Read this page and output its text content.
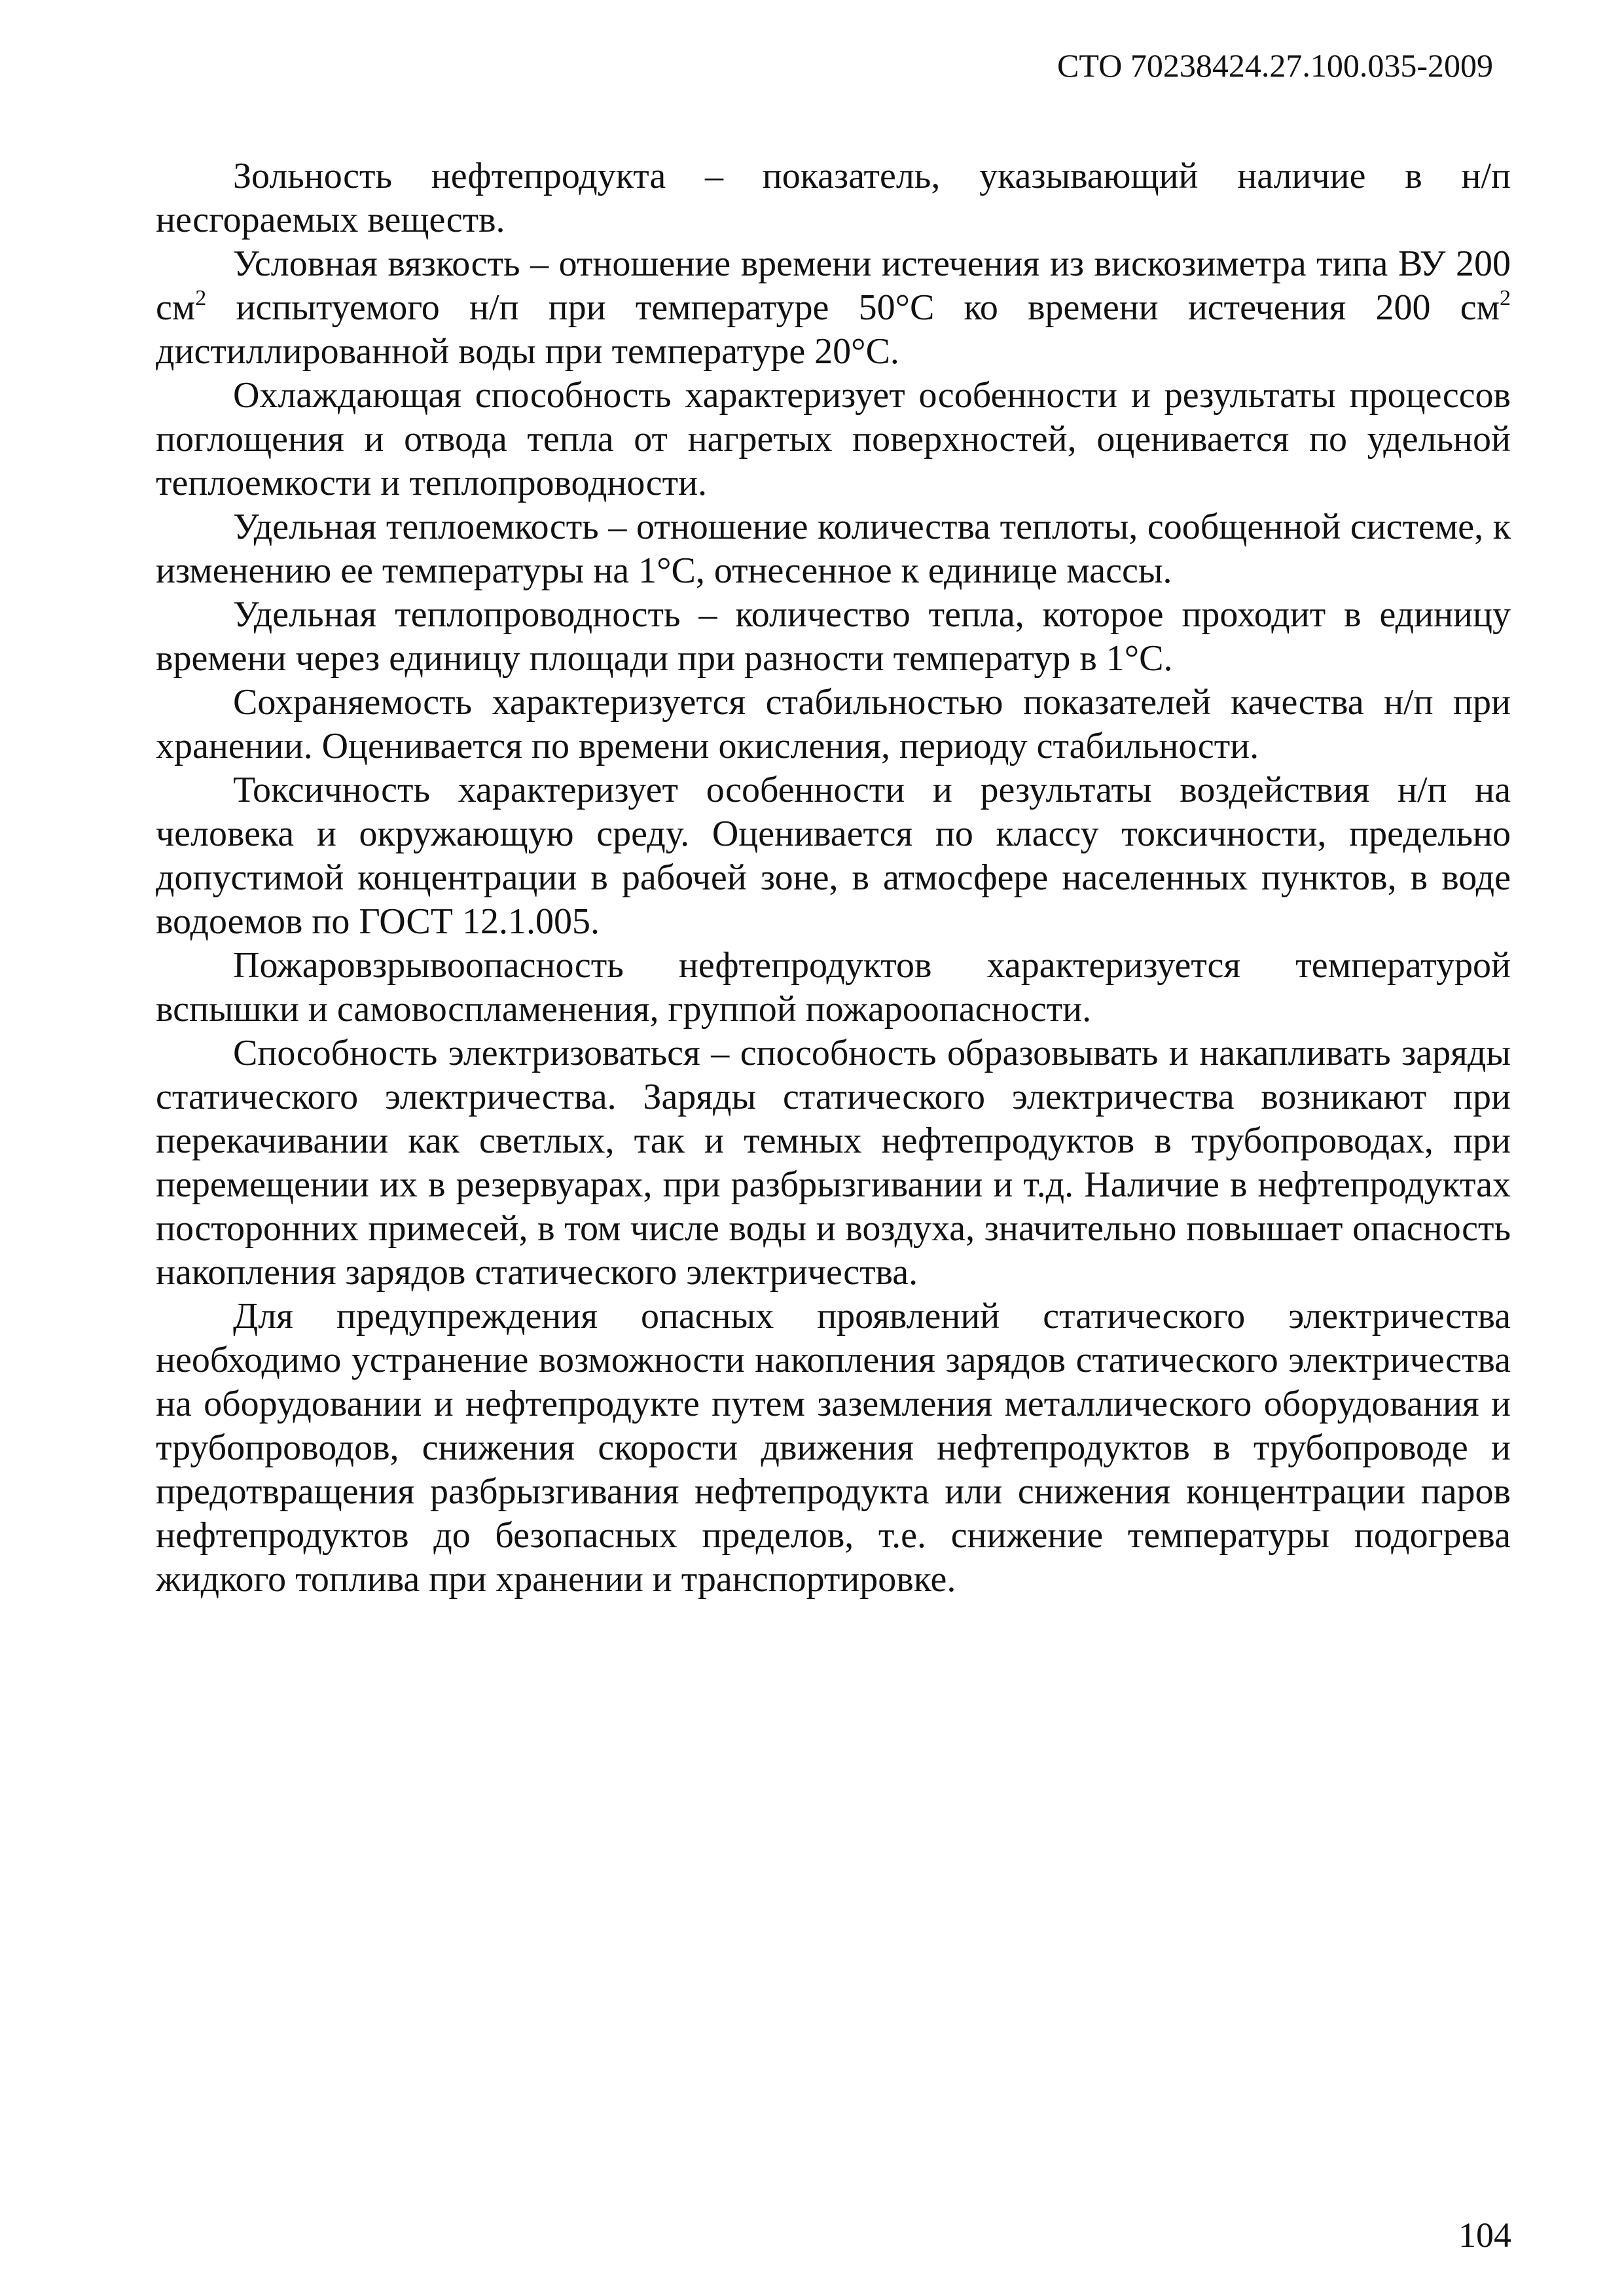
СТО 70238424.27.100.035-2009

Зольность нефтепродукта – показатель, указывающий наличие в н/п несгораемых веществ.

Условная вязкость – отношение времени истечения из вискозиметра типа ВУ 200 $см^2$ испытуемого н/п при температуре 50°С ко времени истечения 200 $см^2$ дистиллированной воды при температуре 20°С.

Охлаждающая способность характеризует особенности и результаты процессов поглощения и отвода тепла от нагретых поверхностей, оценивается по удельной теплоемкости и теплопроводности.

Удельная теплоемкость – отношение количества теплоты, сообщенной системе, к изменению ее температуры на 1°С, отнесенное к единице массы.

Удельная теплопроводность – количество тепла, которое проходит в единицу времени через единицу площади при разности температур в 1°С.

Сохраняемость характеризуется стабильностью показателей качества н/п при хранении. Оценивается по времени окисления, периоду стабильности.

Токсичность характеризует особенности и результаты воздействия н/п на человека и окружающую среду. Оценивается по классу токсичности, предельно допустимой концентрации в рабочей зоне, в атмосфере населенных пунктов, в воде водоемов по ГОСТ 12.1.005.

Пожаровзрывоопасность нефтепродуктов характеризуется температурой вспышки и самовоспламенения, группой пожароопасности.

Способность электризоваться – способность образовывать и накапливать заряды статического электричества. Заряды статического электричества возникают при перекачивании как светлых, так и темных нефтепродуктов в трубопроводах, при перемещении их в резервуарах, при разбрызгивании и т.д. Наличие в нефтепродуктах посторонних примесей, в том числе воды и воздуха, значительно повышает опасность накопления зарядов статического электричества.

Для предупреждения опасных проявлений статического электричества необходимо устранение возможности накопления зарядов статического электричества на оборудовании и нефтепродукте путем заземления металлического оборудования и трубопроводов, снижения скорости движения нефтепродуктов в трубопроводе и предотвращения разбрызгивания нефтепродукта или снижения концентрации паров нефтепродуктов до безопасных пределов, т.е. снижение температуры подогрева жидкого топлива при хранении и транспортировке.

104
